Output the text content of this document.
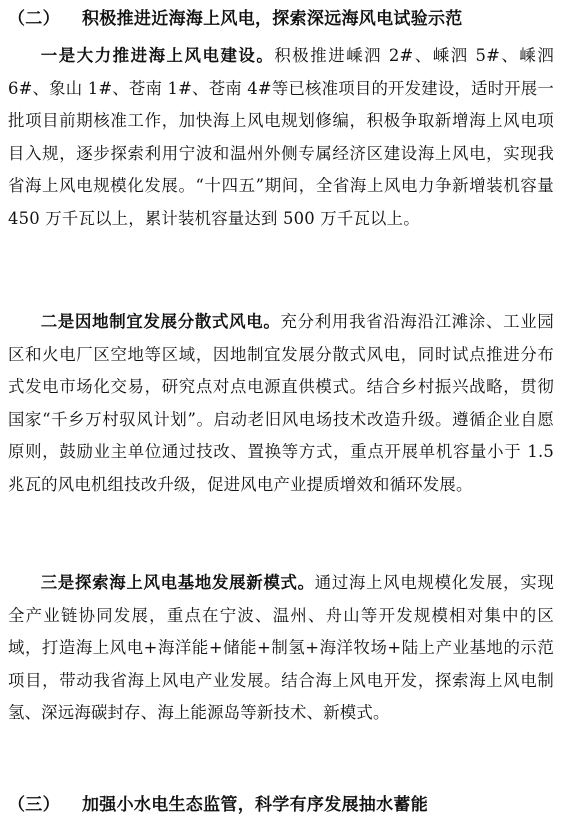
（二） 积极推进近海海上风电，探索深远海风电试验示范

一是大力推进海上风电建设。积极推进嵊泗 2#、嵊泗 5#、嵊泗 6#、象山 1#、苍南 1#、苍南 4#等已核准项目的开发建设，适时开展一批项目前期核准工作，加快海上风电规划修编，积极争取新增海上风电项目入规，逐步探索利用宁波和温州外侧专属经济区建设海上风电，实现我省海上风电规模化发展。“十四五”期间，全省海上风电力争新增装机容量 450 万千瓦以上，累计装机容量达到 500 万千瓦以上。

二是因地制宜发展分散式风电。充分利用我省沿海沿江滩涂、工业园区和火电厂区空地等区域，因地制宜发展分散式风电，同时试点推进分布式发电市场化交易，研究点对点电源直供模式。结合乡村振兴战略，贯彻国家“千乡万村驭风计划”。启动老旧风电场技术改造升级。遵循企业自愿原则，鼓励业主单位通过技改、置换等方式，重点开展单机容量小于 1.5 兆瓦的风电机组技改升级，促进风电产业提质增效和循环发展。

三是探索海上风电基地发展新模式。通过海上风电规模化发展，实现全产业链协同发展，重点在宁波、温州、舟山等开发规模相对集中的区域，打造海上风电+海洋能+储能+制氢+海洋牧场+陆上产业基地的示范项目，带动我省海上风电产业发展。结合海上风电开发，探索海上风电制氢、深远海碳封存、海上能源岛等新技术、新模式。

（三） 加强小水电生态监管，科学有序发展抽水蓄能
